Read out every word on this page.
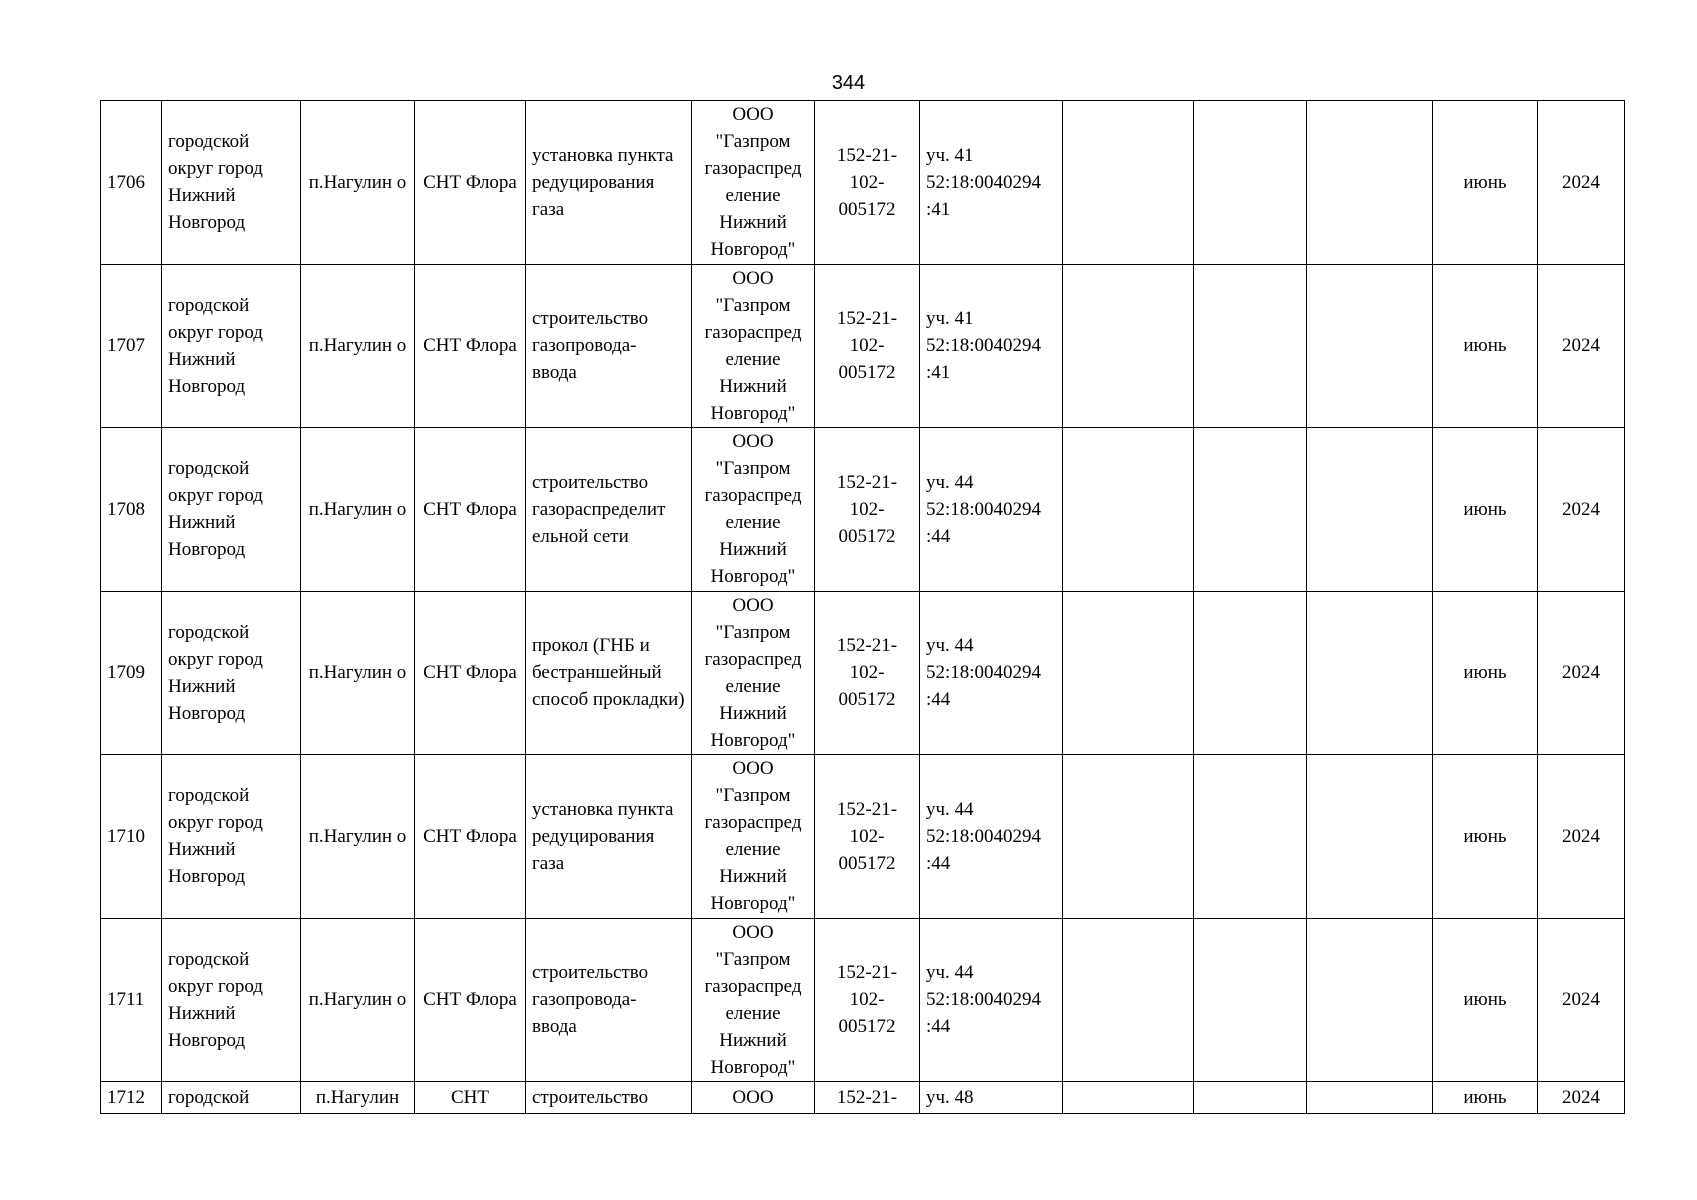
344
1706	городской округ город Нижний Новгород	п.Нагулин о	СНТ Флора	установка пункта редуцирования газа	ООО "Газпром газораспред еление Нижний Новгород"	152-21- 102- 005172	уч. 41 52:18:0040294 :41				июнь	2024
1707	городской округ город Нижний Новгород	п.Нагулин о	СНТ Флора	строительство газопровода- ввода	ООО "Газпром газораспред еление Нижний Новгород"	152-21- 102- 005172	уч. 41 52:18:0040294 :41				июнь	2024
1708	городской округ город Нижний Новгород	п.Нагулин о	СНТ Флора	строительство газораспределит ельной сети	ООО "Газпром газораспред еление Нижний Новгород"	152-21- 102- 005172	уч. 44 52:18:0040294 :44				июнь	2024
1709	городской округ город Нижний Новгород	п.Нагулин о	СНТ Флора	прокол (ГНБ и бестраншейный способ прокладки)	ООО "Газпром газораспред еление Нижний Новгород"	152-21- 102- 005172	уч. 44 52:18:0040294 :44				июнь	2024
1710	городской округ город Нижний Новгород	п.Нагулин о	СНТ Флора	установка пункта редуцирования газа	ООО "Газпром газораспред еление Нижний Новгород"	152-21- 102- 005172	уч. 44 52:18:0040294 :44				июнь	2024
1711	городской округ город Нижний Новгород	п.Нагулин о	СНТ Флора	строительство газопровода- ввода	ООО "Газпром газораспред еление Нижний Новгород"	152-21- 102- 005172	уч. 44 52:18:0040294 :44				июнь	2024
1712	городской	п.Нагулин	СНТ	строительство	ООО	152-21-	уч. 48				июнь	2024
